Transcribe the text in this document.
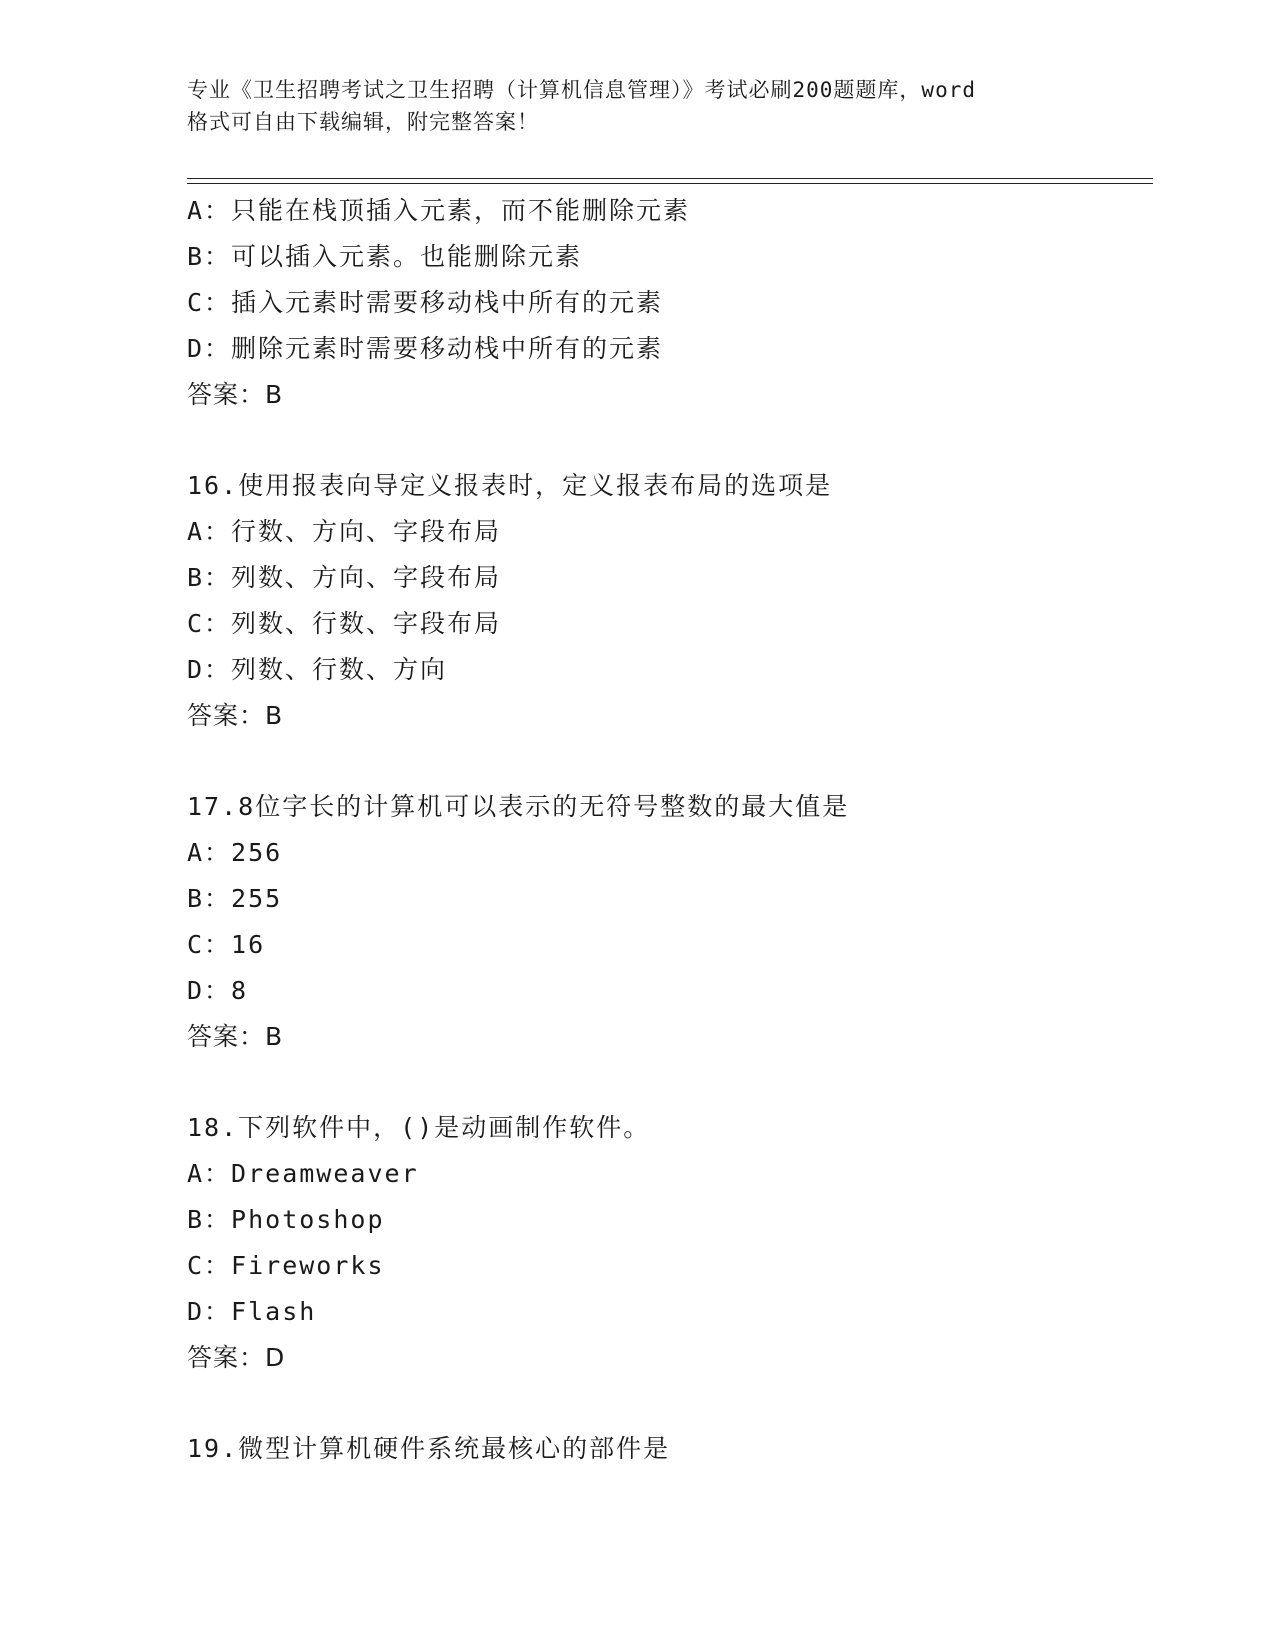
专业《卫生招聘考试之卫生招聘（计算机信息管理）》考试必刷200题题库，word
格式可自由下载编辑，附完整答案！
A：只能在栈顶插入元素，而不能删除元素
B：可以插入元素。也能删除元素
C：插入元素时需要移动栈中所有的元素
D：删除元素时需要移动栈中所有的元素
答案：B
16.使用报表向导定义报表时，定义报表布局的选项是
A：行数、方向、字段布局
B：列数、方向、字段布局
C：列数、行数、字段布局
D：列数、行数、方向
答案：B
17.8位字长的计算机可以表示的无符号整数的最大值是
A：256
B：255
C：16
D：8
答案：B
18.下列软件中，()是动画制作软件。
A：Dreamweaver
B：Photoshop
C：Fireworks
D：Flash
答案：D
19.微型计算机硬件系统最核心的部件是
